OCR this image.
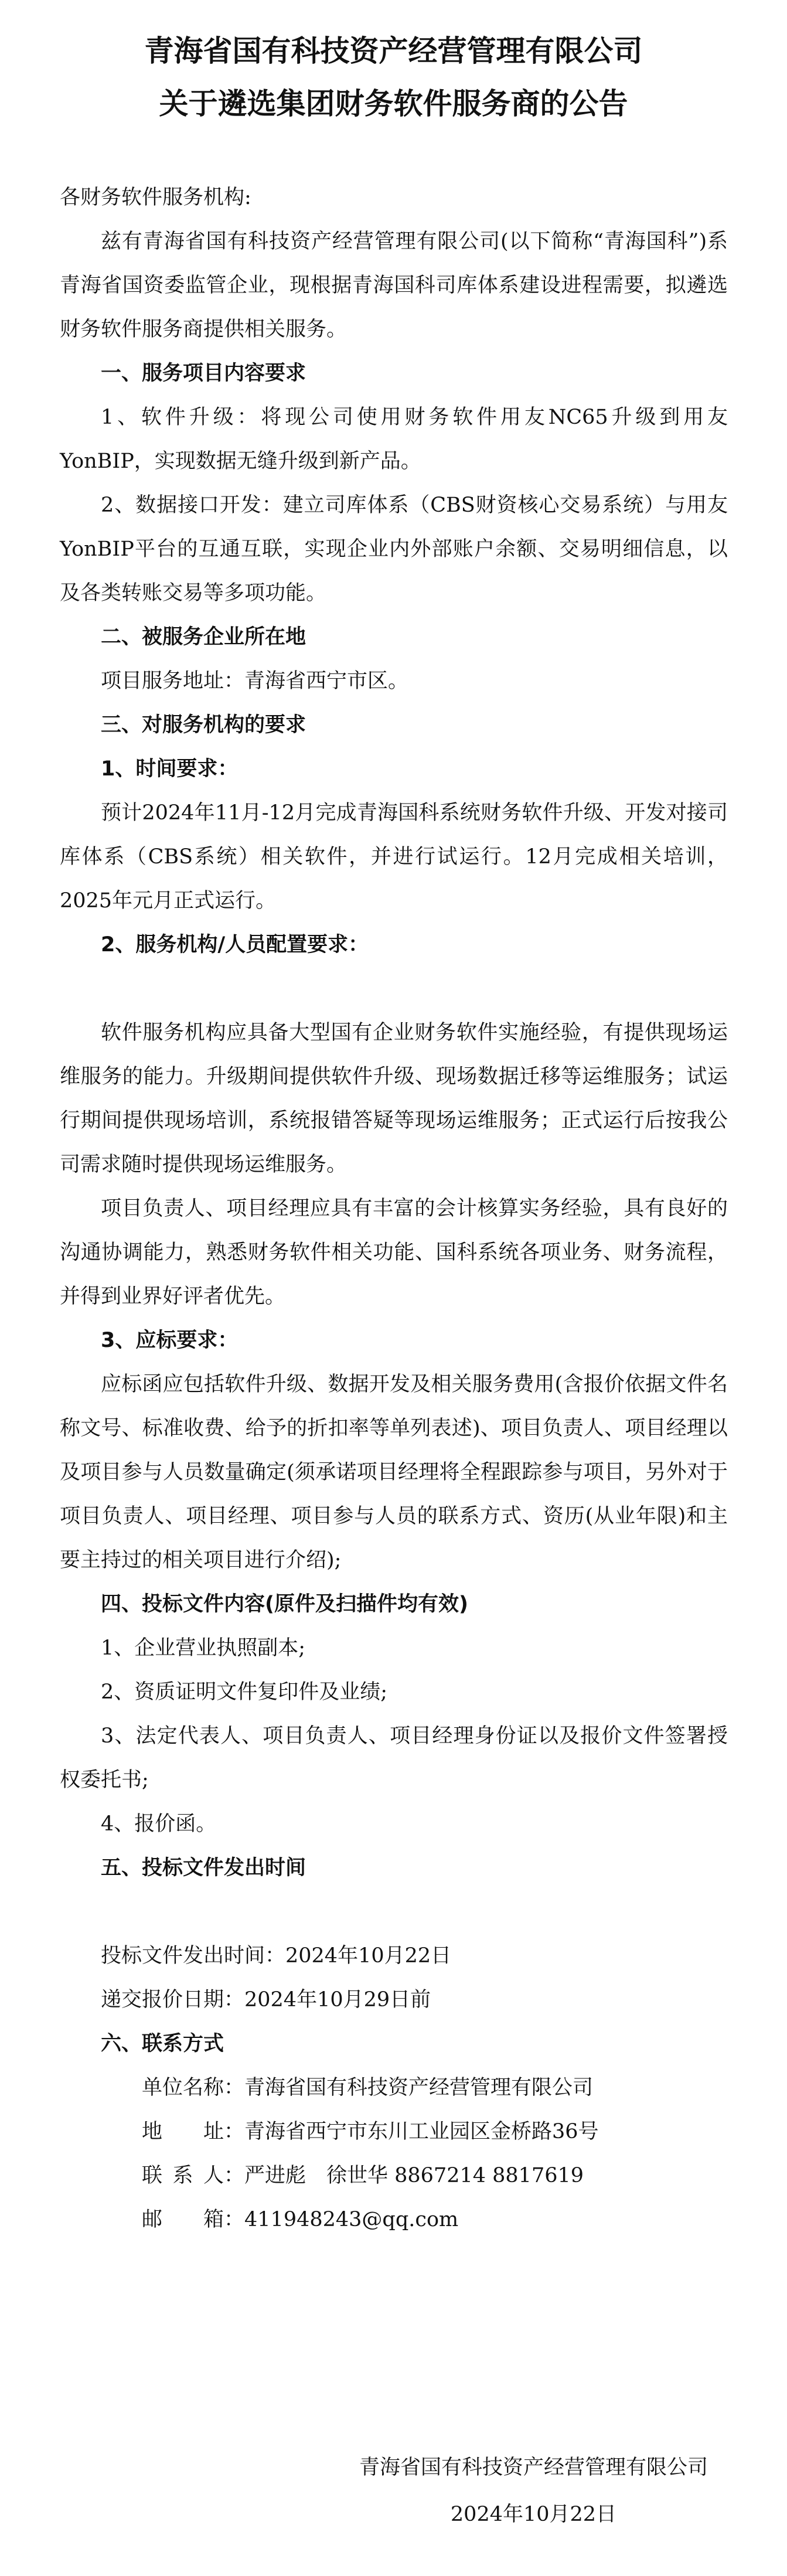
青海省国有科技资产经营管理有限公司
关于遴选集团财务软件服务商的公告

各财务软件服务机构:

兹有青海省国有科技资产经营管理有限公司(以下简称“青海国科”)系青海省国资委监管企业，现根据青海国科司库体系建设进程需要，拟遴选财务软件服务商提供相关服务。

一、服务项目内容要求

1、软件升级：将现公司使用财务软件用友NC65升级到用友YonBIP，实现数据无缝升级到新产品。

2、数据接口开发：建立司库体系（CBS财资核心交易系统）与用友YonBIP平台的互通互联，实现企业内外部账户余额、交易明细信息，以及各类转账交易等多项功能。

二、被服务企业所在地

项目服务地址：青海省西宁市区。

三、对服务机构的要求

1、时间要求：

预计2024年11月-12月完成青海国科系统财务软件升级、开发对接司库体系（CBS系统）相关软件，并进行试运行。12月完成相关培训，2025年元月正式运行。

2、服务机构/人员配置要求：

软件服务机构应具备大型国有企业财务软件实施经验，有提供现场运维服务的能力。升级期间提供软件升级、现场数据迁移等运维服务；试运行期间提供现场培训，系统报错答疑等现场运维服务；正式运行后按我公司需求随时提供现场运维服务。

项目负责人、项目经理应具有丰富的会计核算实务经验，具有良好的沟通协调能力，熟悉财务软件相关功能、国科系统各项业务、财务流程，并得到业界好评者优先。

3、应标要求：

应标函应包括软件升级、数据开发及相关服务费用(含报价依据文件名称文号、标准收费、给予的折扣率等单列表述)、项目负责人、项目经理以及项目参与人员数量确定(须承诺项目经理将全程跟踪参与项目，另外对于项目负责人、项目经理、项目参与人员的联系方式、资历(从业年限)和主要主持过的相关项目进行介绍);

四、投标文件内容(原件及扫描件均有效)

1、企业营业执照副本;

2、资质证明文件复印件及业绩;

3、法定代表人、项目负责人、项目经理身份证以及报价文件签署授权委托书;

4、报价函。

五、投标文件发出时间

投标文件发出时间：2024年10月22日

递交报价日期：2024年10月29日前

六、联系方式

单位名称：青海省国有科技资产经营管理有限公司

地址：青海省西宁市东川工业园区金桥路36号

联系人：严进彪　徐世华 8867214 8817619

邮箱：411948243@qq.com

青海省国有科技资产经营管理有限公司
2024年10月22日
